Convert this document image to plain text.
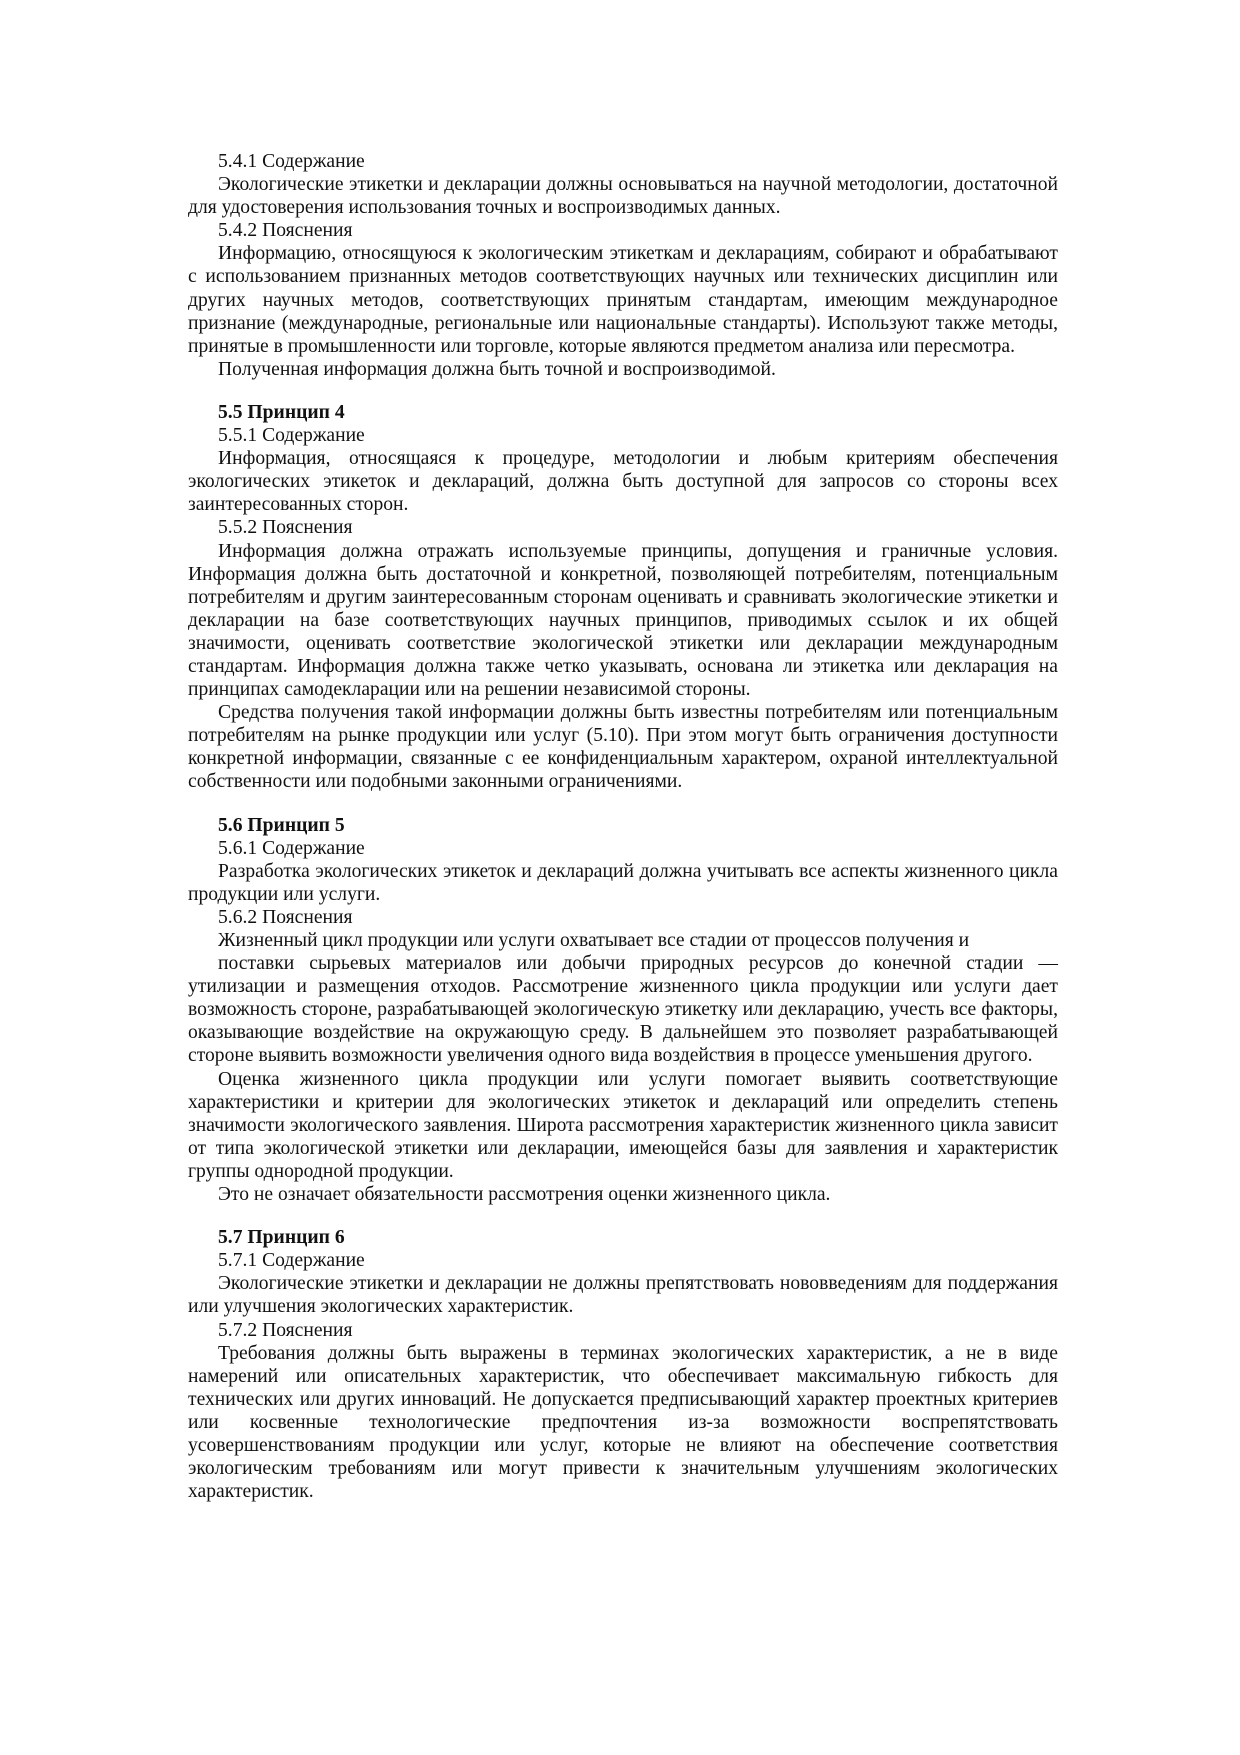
5.4.1 Содержание

Экологические этикетки и декларации должны основываться на научной методологии, достаточной для удостоверения использования точных и воспроизводимых данных.

5.4.2 Пояснения

Информацию, относящуюся к экологическим этикеткам и декларациям, собирают и обрабатывают с использованием признанных методов соответствующих научных или технических дисциплин или других научных методов, соответствующих принятым стандартам, имеющим международное признание (международные, региональные или национальные стандарты). Используют также методы, принятые в промышленности или торговле, которые являются предметом анализа или пересмотра.

Полученная информация должна быть точной и воспроизводимой.

5.5 Принцип 4

5.5.1 Содержание

Информация, относящаяся к процедуре, методологии и любым критериям обеспечения экологических этикеток и деклараций, должна быть доступной для запросов со стороны всех заинтересованных сторон.

5.5.2 Пояснения

Информация должна отражать используемые принципы, допущения и граничные условия. Информация должна быть достаточной и конкретной, позволяющей потребителям, потенциальным потребителям и другим заинтересованным сторонам оценивать и сравнивать экологические этикетки и декларации на базе соответствующих научных принципов, приводимых ссылок и их общей значимости, оценивать соответствие экологической этикетки или декларации международным стандартам. Информация должна также четко указывать, основана ли этикетка или декларация на принципах самодекларации или на решении независимой стороны.

Средства получения такой информации должны быть известны потребителям или потенциальным потребителям на рынке продукции или услуг (5.10). При этом могут быть ограничения доступности конкретной информации, связанные с ее конфиденциальным характером, охраной интеллектуальной собственности или подобными законными ограничениями.

5.6 Принцип 5

5.6.1 Содержание

Разработка экологических этикеток и деклараций должна учитывать все аспекты жизненного цикла продукции или услуги.

5.6.2 Пояснения

Жизненный цикл продукции или услуги охватывает все стадии от процессов получения и

поставки сырьевых материалов или добычи природных ресурсов до конечной стадии —

утилизации и размещения отходов. Рассмотрение жизненного цикла продукции или услуги дает возможность стороне, разрабатывающей экологическую этикетку или декларацию, учесть все факторы, оказывающие воздействие на окружающую среду. В дальнейшем это позволяет разрабатывающей стороне выявить возможности увеличения одного вида воздействия в процессе уменьшения другого.

Оценка жизненного цикла продукции или услуги помогает выявить соответствующие характеристики и критерии для экологических этикеток и деклараций или определить степень значимости экологического заявления. Широта рассмотрения характеристик жизненного цикла зависит от типа экологической этикетки или декларации, имеющейся базы для заявления и характеристик группы однородной продукции.

Это не означает обязательности рассмотрения оценки жизненного цикла.

5.7 Принцип 6

5.7.1 Содержание

Экологические этикетки и декларации не должны препятствовать нововведениям для поддержания или улучшения экологических характеристик.

5.7.2 Пояснения

Требования должны быть выражены в терминах экологических характеристик, а не в виде намерений или описательных характеристик, что обеспечивает максимальную гибкость для технических или других инноваций. Не допускается предписывающий характер проектных критериев или косвенные технологические предпочтения из-за возможности воспрепятствовать усовершенствованиям продукции или услуг, которые не влияют на обеспечение соответствия экологическим требованиям или могут привести к значительным улучшениям экологических характеристик.
